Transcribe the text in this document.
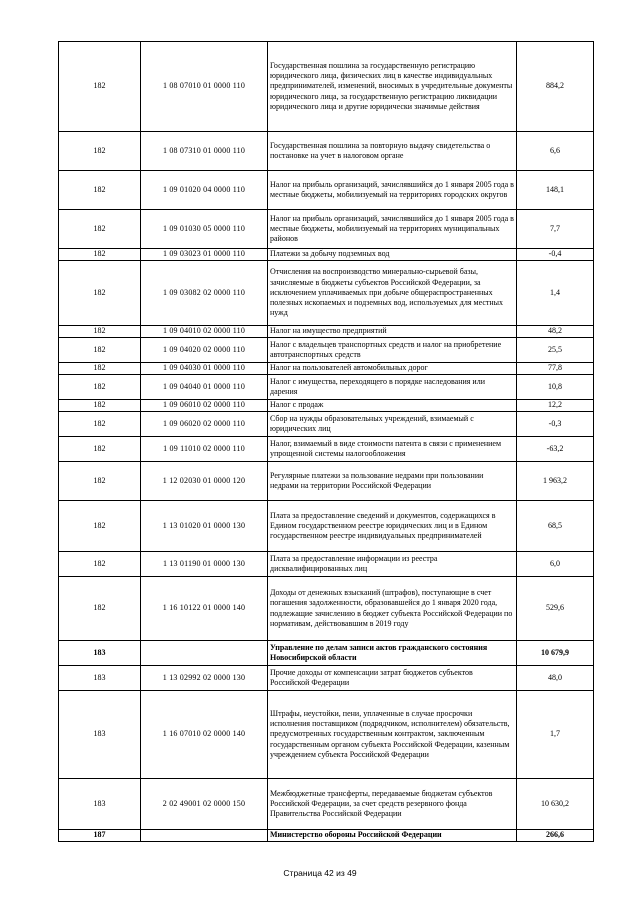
182	1 08 07010 01 0000 110	Государственная пошлина за государственную регистрацию юридического лица, физических лиц в качестве индивидуальных предпринимателей, изменений, вносимых в учредительные документы юридического лица, за государственную регистрацию ликвидации юридического лица и другие юридически значимые действия	884,2
182	1 08 07310 01 0000 110	Государственная пошлина за повторную выдачу свидетельства о постановке на учет в налоговом органе	6,6
182	1 09 01020 04 0000 110	Налог на прибыль организаций, зачислявшийся до 1 января 2005 года в местные бюджеты, мобилизуемый на территориях городских округов	148,1
182	1 09 01030 05 0000 110	Налог на прибыль организаций, зачислявшийся до 1 января 2005 года в местные бюджеты, мобилизуемый на территориях муниципальных районов	7,7
182	1 09 03023 01 0000 110	Платежи за добычу подземных вод	-0,4
182	1 09 03082 02 0000 110	Отчисления на воспроизводство минерально-сырьевой базы, зачисляемые в бюджеты субъектов Российской Федерации, за исключением уплачиваемых при добыче общераспространенных полезных ископаемых и подземных вод, используемых для местных нужд	1,4
182	1 09 04010 02 0000 110	Налог на имущество предприятий	48,2
182	1 09 04020 02 0000 110	Налог с владельцев транспортных средств и налог на приобретение автотранспортных средств	25,5
182	1 09 04030 01 0000 110	Налог на пользователей автомобильных дорог	77,8
182	1 09 04040 01 0000 110	Налог с имущества, переходящего в порядке наследования или дарения	10,8
182	1 09 06010 02 0000 110	Налог с продаж	12,2
182	1 09 06020 02 0000 110	Сбор на нужды образовательных учреждений, взимаемый с юридических лиц	-0,3
182	1 09 11010 02 0000 110	Налог, взимаемый в виде стоимости патента в связи с применением упрощенной системы налогообложения	-63,2
182	1 12 02030 01 0000 120	Регулярные платежи за пользование недрами при пользовании недрами на территории Российской Федерации	1 963,2
182	1 13 01020 01 0000 130	Плата за предоставление сведений и документов, содержащихся в Едином государственном реестре юридических лиц и в Едином государственном реестре индивидуальных предпринимателей	68,5
182	1 13 01190 01 0000 130	Плата за предоставление информации из реестра дисквалифицированных лиц	6,0
182	1 16 10122 01 0000 140	Доходы от денежных взысканий (штрафов), поступающие в счет погашения задолженности, образовавшейся до 1 января 2020 года, подлежащие зачислению в бюджет субъекта Российской Федерации по нормативам, действовавшим в 2019 году	529,6
183		Управление по делам записи актов гражданского состояния Новосибирской области	10 679,9
183	1 13 02992 02 0000 130	Прочие доходы от компенсации затрат бюджетов субъектов Российской Федерации	48,0
183	1 16 07010 02 0000 140	Штрафы, неустойки, пени, уплаченные в случае просрочки исполнения поставщиком (подрядчиком, исполнителем) обязательств, предусмотренных государственным контрактом, заключенным государственным органом субъекта Российской Федерации, казенным учреждением субъекта Российской Федерации	1,7
183	2 02 49001 02 0000 150	Межбюджетные трансферты, передаваемые бюджетам субъектов Российской Федерации, за счет средств резервного фонда Правительства Российской Федерации	10 630,2
187		Министерство обороны Российской Федерации	266,6
Страница 42 из 49
